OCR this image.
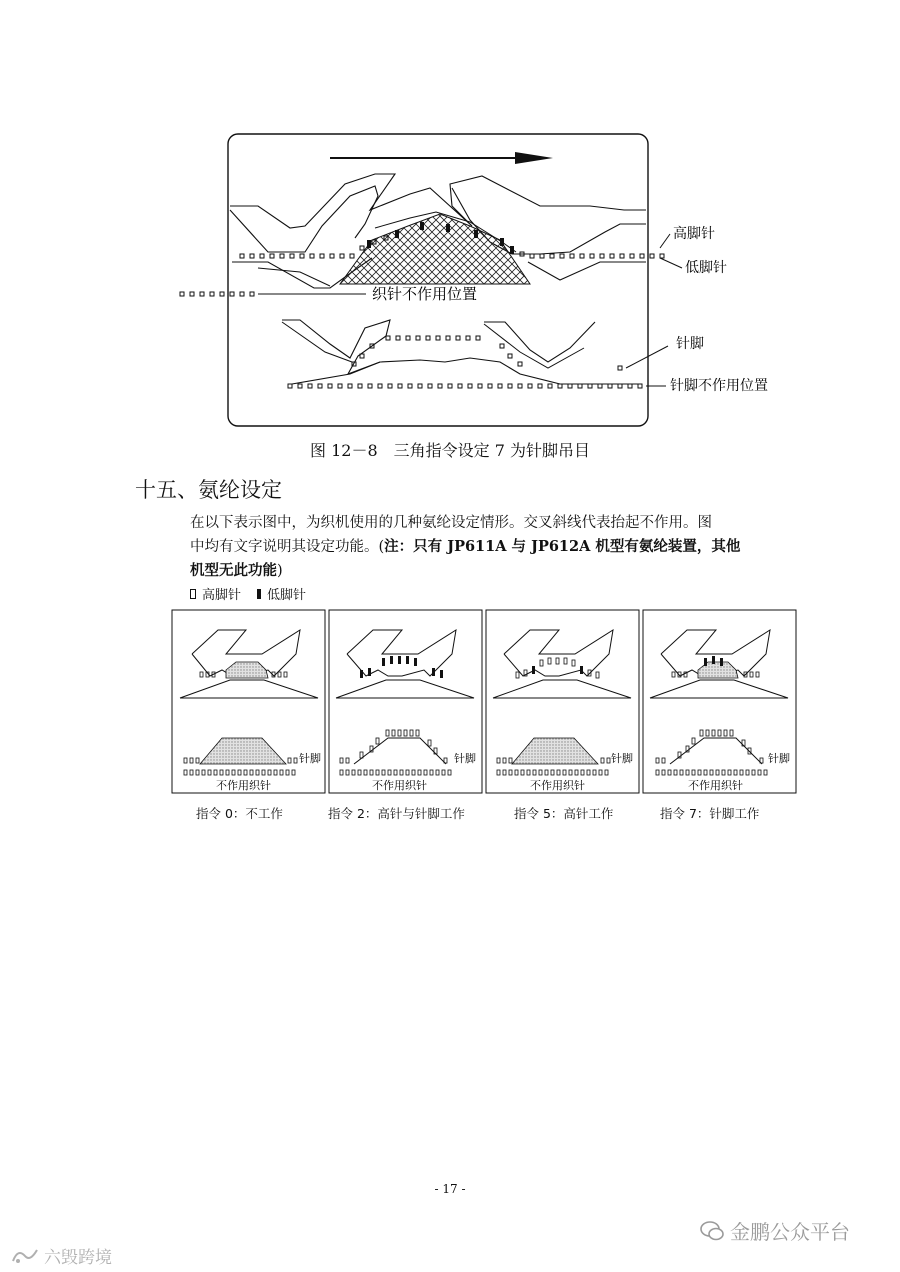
高脚针
低脚针
织针不作用位置
针脚
针脚不作用位置
针脚
不作用织针
针脚
不作用织针
针脚
不作用织针
针脚
不作用织针
图 12－8　三角指令设定 7 为针脚吊目
十五、氨纶设定
在以下表示图中，为织机使用的几种氨纶设定情形。交叉斜线代表抬起不作用。图
中均有文字说明其设定功能。(注：只有 JP611A 与 JP612A 机型有氨纶装置，其他
机型无此功能)
高脚针 低脚针
指令 0：不工作	指令 2：高针与针脚工作	指令 5：高针工作	指令 7：针脚工作
- 17 -
金鹏公众平台
六毁跨境
